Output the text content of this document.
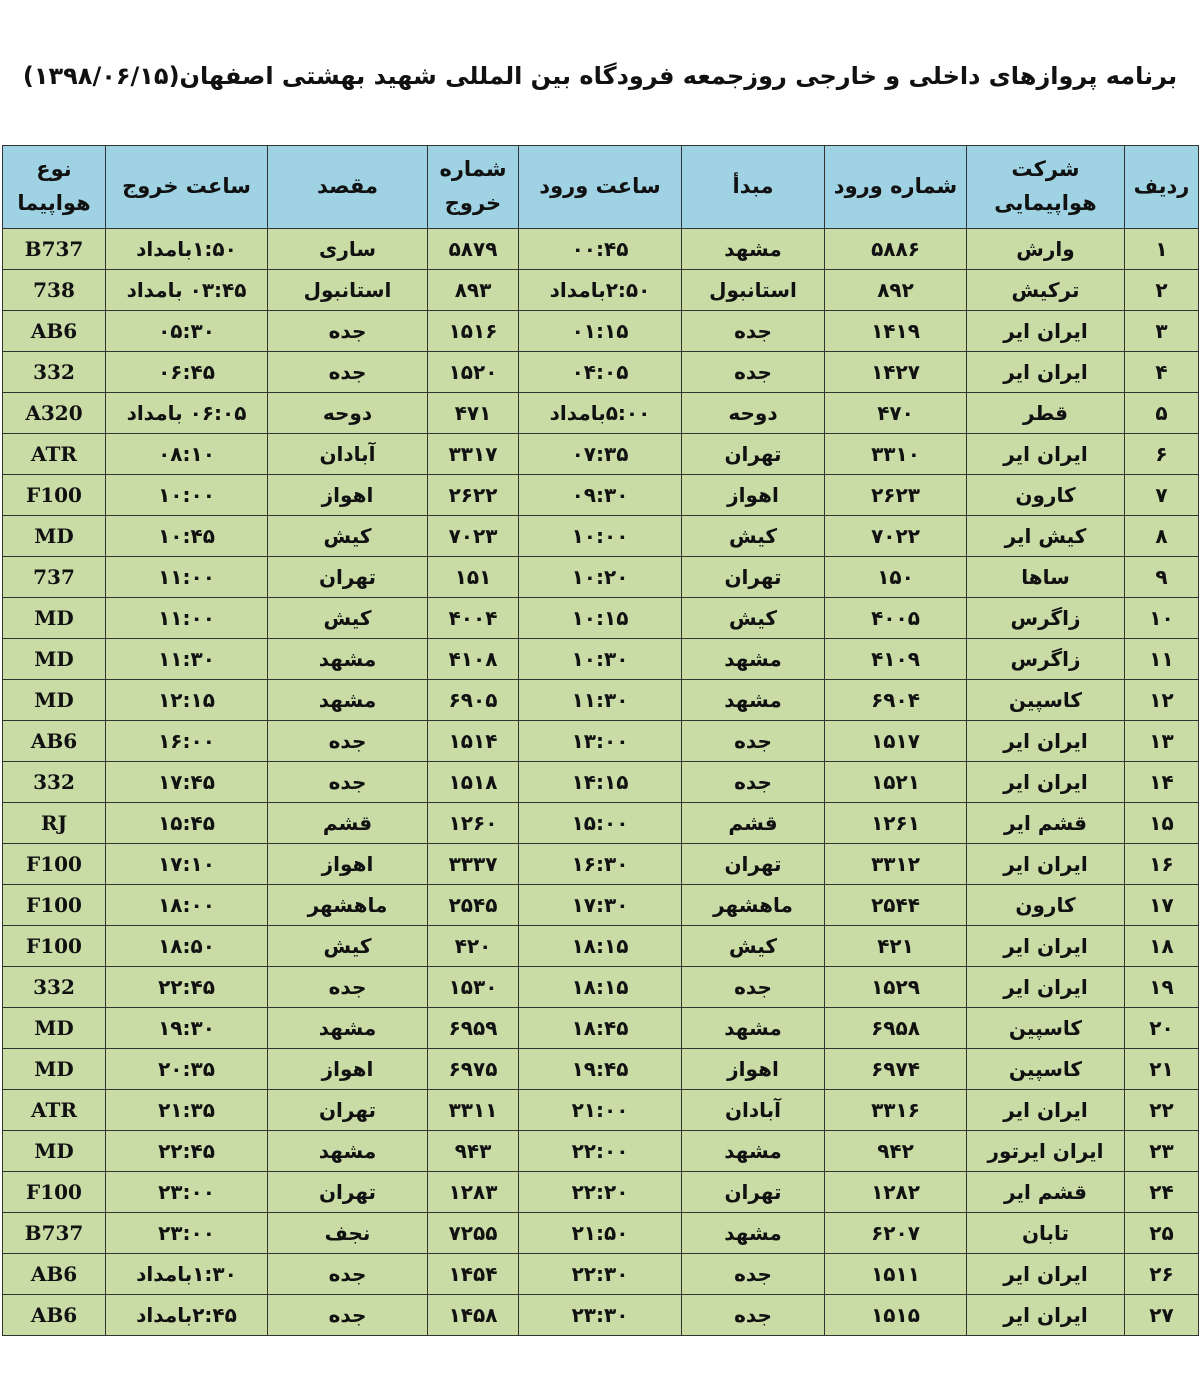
برنامه پروازهای داخلی و خارجی روزجمعه فرودگاه بین المللی شهید بهشتی اصفهان(۱۳۹۸/۰۶/۱۵)
ردیف	شرکت هواپیمایی	شماره ورود	مبدأ	ساعت ورود	شماره خروج	مقصد	ساعت خروج	نوع هواپیما
۱	وارش	۵۸۸۶	مشهد	۰۰:۴۵	۵۸۷۹	ساری	۱:۵۰بامداد	B737
۲	ترکیش	۸۹۲	استانبول	۲:۵۰بامداد	۸۹۳	استانبول	۰۳:۴۵ بامداد	738
۳	ایران ایر	۱۴۱۹	جده	۰۱:۱۵	۱۵۱۶	جده	۰۵:۳۰	AB6
۴	ایران ایر	۱۴۲۷	جده	۰۴:۰۵	۱۵۲۰	جده	۰۶:۴۵	332
۵	قطر	۴۷۰	دوحه	۵:۰۰بامداد	۴۷۱	دوحه	۰۶:۰۵ بامداد	A320
۶	ایران ایر	۳۳۱۰	تهران	۰۷:۳۵	۳۳۱۷	آبادان	۰۸:۱۰	ATR
۷	کارون	۲۶۲۳	اهواز	۰۹:۳۰	۲۶۲۲	اهواز	۱۰:۰۰	F100
۸	کیش ایر	۷۰۲۲	کیش	۱۰:۰۰	۷۰۲۳	کیش	۱۰:۴۵	MD
۹	ساها	۱۵۰	تهران	۱۰:۲۰	۱۵۱	تهران	۱۱:۰۰	737
۱۰	زاگرس	۴۰۰۵	کیش	۱۰:۱۵	۴۰۰۴	کیش	۱۱:۰۰	MD
۱۱	زاگرس	۴۱۰۹	مشهد	۱۰:۳۰	۴۱۰۸	مشهد	۱۱:۳۰	MD
۱۲	کاسپین	۶۹۰۴	مشهد	۱۱:۳۰	۶۹۰۵	مشهد	۱۲:۱۵	MD
۱۳	ایران ایر	۱۵۱۷	جده	۱۳:۰۰	۱۵۱۴	جده	۱۶:۰۰	AB6
۱۴	ایران ایر	۱۵۲۱	جده	۱۴:۱۵	۱۵۱۸	جده	۱۷:۴۵	332
۱۵	قشم ایر	۱۲۶۱	قشم	۱۵:۰۰	۱۲۶۰	قشم	۱۵:۴۵	RJ
۱۶	ایران ایر	۳۳۱۲	تهران	۱۶:۳۰	۳۳۳۷	اهواز	۱۷:۱۰	F100
۱۷	کارون	۲۵۴۴	ماهشهر	۱۷:۳۰	۲۵۴۵	ماهشهر	۱۸:۰۰	F100
۱۸	ایران ایر	۴۲۱	کیش	۱۸:۱۵	۴۲۰	کیش	۱۸:۵۰	F100
۱۹	ایران ایر	۱۵۲۹	جده	۱۸:۱۵	۱۵۳۰	جده	۲۲:۴۵	332
۲۰	کاسپین	۶۹۵۸	مشهد	۱۸:۴۵	۶۹۵۹	مشهد	۱۹:۳۰	MD
۲۱	کاسپین	۶۹۷۴	اهواز	۱۹:۴۵	۶۹۷۵	اهواز	۲۰:۳۵	MD
۲۲	ایران ایر	۳۳۱۶	آبادان	۲۱:۰۰	۳۳۱۱	تهران	۲۱:۳۵	ATR
۲۳	ایران ایرتور	۹۴۲	مشهد	۲۲:۰۰	۹۴۳	مشهد	۲۲:۴۵	MD
۲۴	قشم ایر	۱۲۸۲	تهران	۲۲:۲۰	۱۲۸۳	تهران	۲۳:۰۰	F100
۲۵	تابان	۶۲۰۷	مشهد	۲۱:۵۰	۷۲۵۵	نجف	۲۳:۰۰	B737
۲۶	ایران ایر	۱۵۱۱	جده	۲۲:۳۰	۱۴۵۴	جده	۱:۳۰بامداد	AB6
۲۷	ایران ایر	۱۵۱۵	جده	۲۳:۳۰	۱۴۵۸	جده	۲:۴۵بامداد	AB6
